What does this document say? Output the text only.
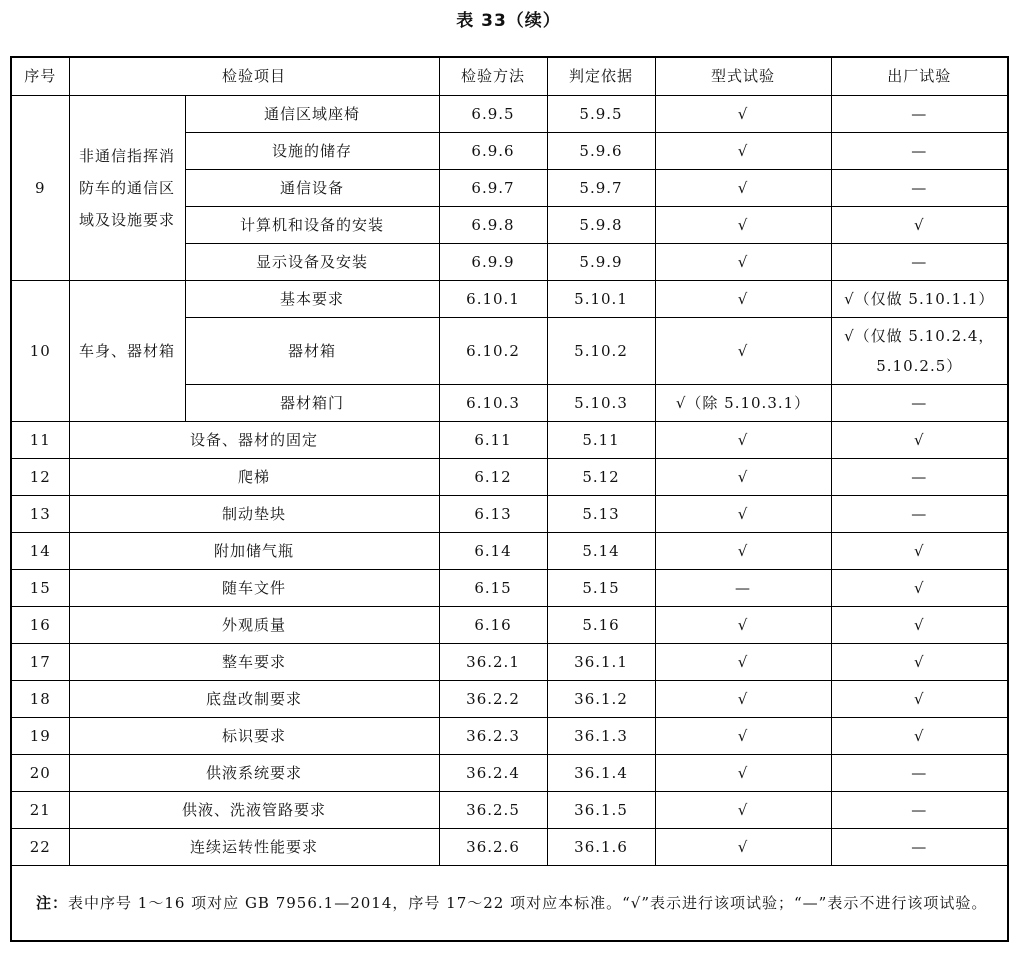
表 33（续）
序号	检验项目		检验方法	判定依据	型式试验	出厂试验
9	非通信指挥消防车的通信区域及设施要求	通信区域座椅	6.9.5	5.9.5	√	—
		设施的储存	6.9.6	5.9.6	√	—
		通信设备	6.9.7	5.9.7	√	—
		计算机和设备的安装	6.9.8	5.9.8	√	√
		显示设备及安装	6.9.9	5.9.9	√	—
10	车身、器材箱	基本要求	6.10.1	5.10.1	√	√（仅做 5.10.1.1）
		器材箱	6.10.2	5.10.2	√	√（仅做 5.10.2.4，5.10.2.5）
		器材箱门	6.10.3	5.10.3	√（除 5.10.3.1）	—
11	设备、器材的固定		6.11	5.11	√	√
12	爬梯		6.12	5.12	√	—
13	制动垫块		6.13	5.13	√	—
14	附加储气瓶		6.14	5.14	√	√
15	随车文件		6.15	5.15	—	√
16	外观质量		6.16	5.16	√	√
17	整车要求		36.2.1	36.1.1	√	√
18	底盘改制要求		36.2.2	36.1.2	√	√
19	标识要求		36.2.3	36.1.3	√	√
20	供液系统要求		36.2.4	36.1.4	√	—
21	供液、洗液管路要求		36.2.5	36.1.5	√	—
22	连续运转性能要求		36.2.6	36.1.6	√	—
注：表中序号 1～16 项对应 GB 7956.1—2014，序号 17～22 项对应本标准。“√”表示进行该项试验；“—”表示不进行该项试验。						
